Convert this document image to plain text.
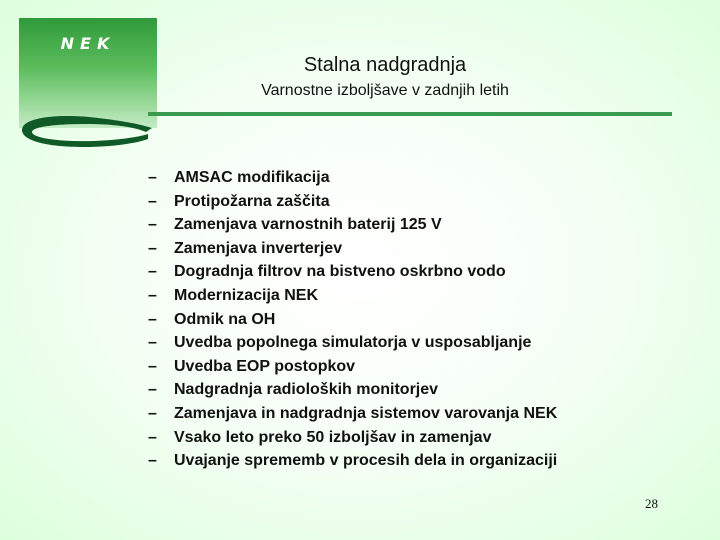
NEK
Stalna nadgradnja
Varnostne izboljšave v zadnjih letih
– AMSAC modifikacija
– Protipožarna zaščita
– Zamenjava varnostnih baterij 125 V
– Zamenjava inverterjev
– Dogradnja filtrov na bistveno oskrbno vodo
– Modernizacija NEK
– Odmik na OH
– Uvedba popolnega simulatorja v usposabljanje
– Uvedba EOP postopkov
– Nadgradnja radioloških monitorjev
– Zamenjava in nadgradnja sistemov varovanja NEK
– Vsako leto preko 50 izboljšav in zamenjav
– Uvajanje sprememb v procesih dela in organizaciji
28
